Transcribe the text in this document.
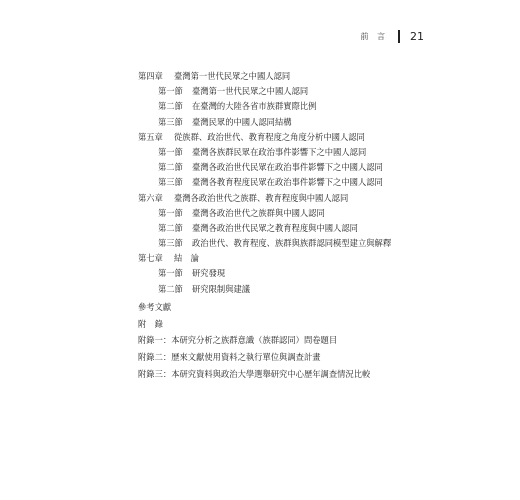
前 言 21
第四章	臺灣第一世代民眾之中國人認同
第一節	臺灣第一世代民眾之中國人認同
第二節	在臺灣的大陸各省市族群實際比例
第三節	臺灣民眾的中國人認同結構
第五章	從族群、政治世代、教育程度之角度分析中國人認同
第一節	臺灣各族群民眾在政治事件影響下之中國人認同
第二節	臺灣各政治世代民眾在政治事件影響下之中國人認同
第三節	臺灣各教育程度民眾在政治事件影響下之中國人認同
第六章	臺灣各政治世代之族群、教育程度與中國人認同
第一節	臺灣各政治世代之族群與中國人認同
第二節	臺灣各政治世代民眾之教育程度與中國人認同
第三節	政治世代、教育程度、族群與族群認同模型建立與解釋
第七章	結　論
第一節	研究發現
第二節	研究限制與建議
參考文獻
附　錄
附錄一：本研究分析之族群意識（族群認同）問卷題目
附錄二：歷來文獻使用資料之執行單位與調查計畫
附錄三：本研究資料與政治大學選舉研究中心歷年調查情況比較
